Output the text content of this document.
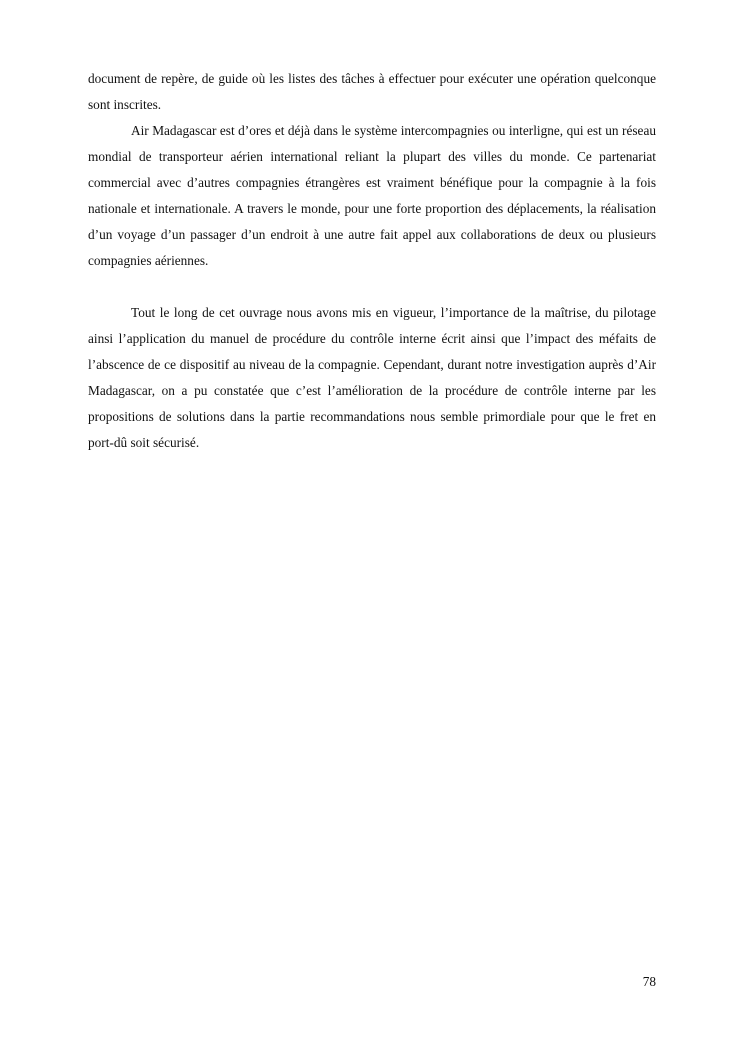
document de repère, de guide où les listes des tâches à effectuer pour exécuter une opération quelconque sont inscrites.

Air Madagascar est d’ores et déjà dans le système intercompagnies ou interligne, qui est un réseau mondial de transporteur aérien international reliant la plupart des villes du monde. Ce partenariat commercial avec d’autres compagnies étrangères est vraiment bénéfique pour la compagnie à la fois nationale et internationale. A travers le monde, pour une forte proportion des déplacements, la réalisation d’un voyage d’un passager d’un endroit à une autre fait appel aux collaborations de deux ou plusieurs compagnies aériennes.

Tout le long de cet ouvrage nous avons mis en vigueur, l’importance de la maîtrise, du pilotage ainsi l’application du manuel de procédure du contrôle interne écrit ainsi que l’impact des méfaits de l’abscence de ce dispositif au niveau de la compagnie. Cependant, durant notre investigation auprès d’Air Madagascar, on a pu constatée que c’est l’amélioration de la procédure de contrôle interne par les propositions de solutions dans la partie recommandations nous semble primordiale pour que le fret en port-dû soit sécurisé.

78
